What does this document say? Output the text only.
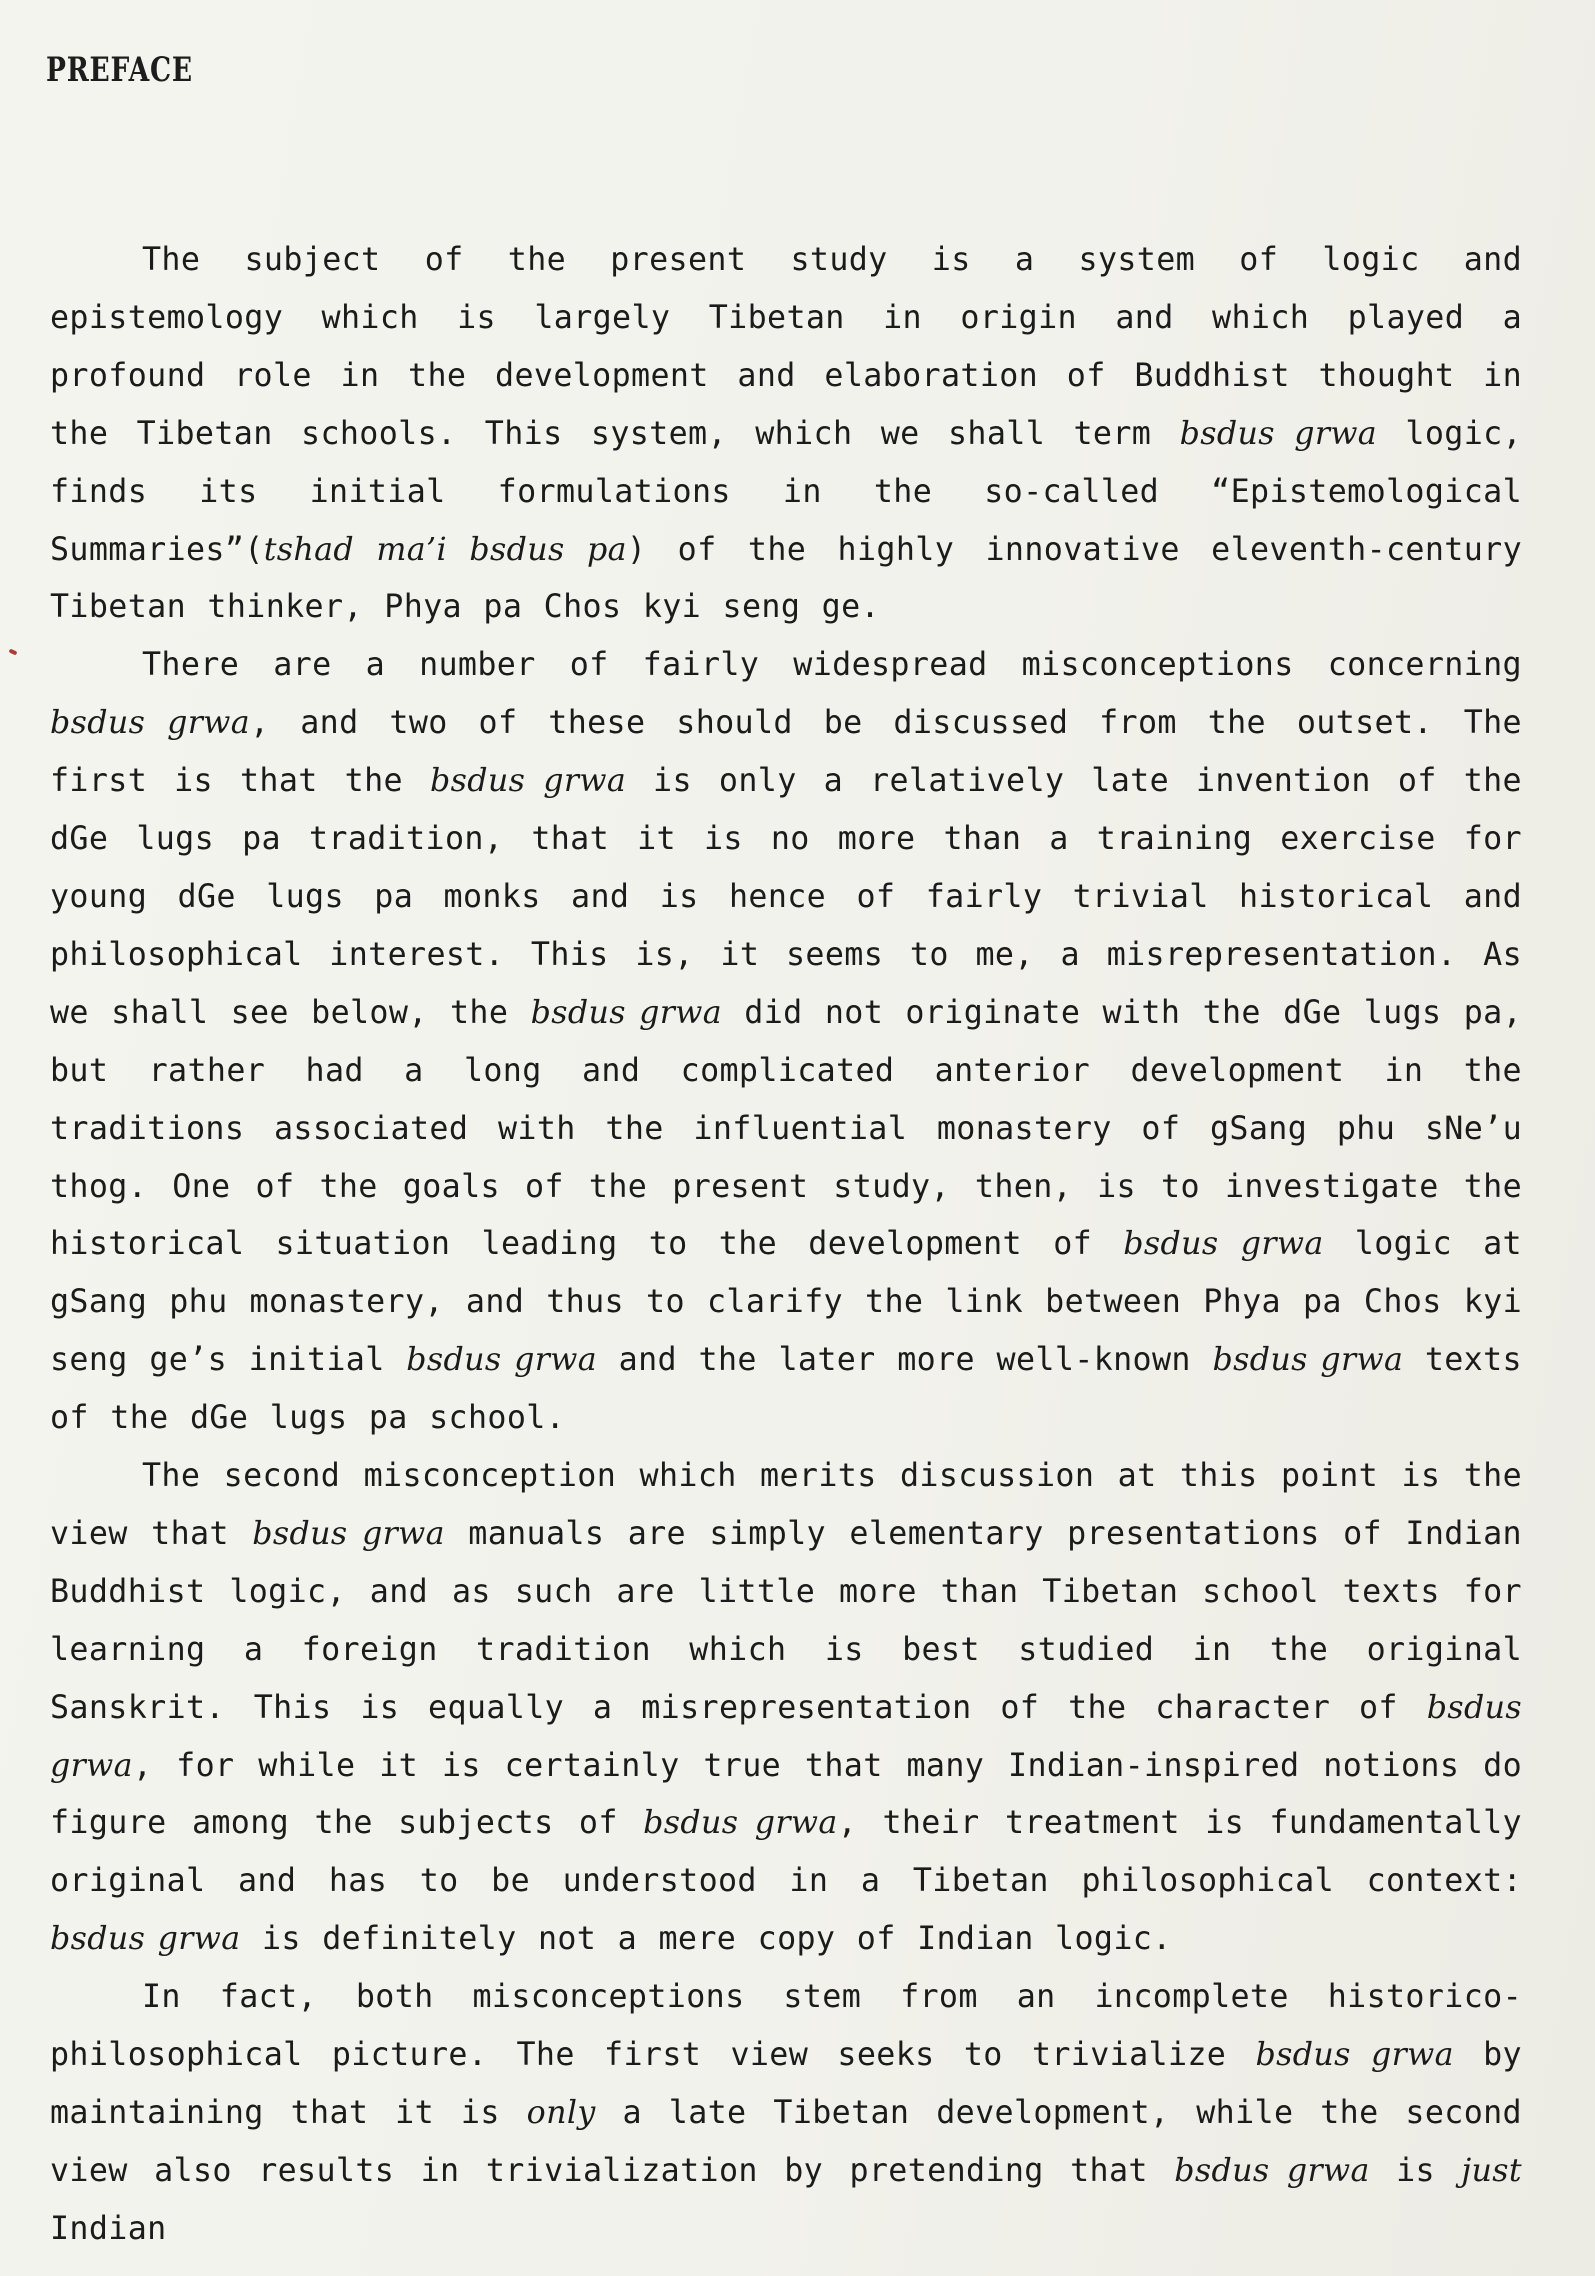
PREFACE

The subject of the present study is a system of logic and epistemology which is largely Tibetan in origin and which played a profound role in the development and elaboration of Buddhist thought in the Tibetan schools. This system, which we shall term bsdus grwa logic, finds its initial formulations in the so-called “Epistemological Summaries”(tshad ma’i bsdus pa) of the highly innovative eleventh-century Tibetan thinker, Phya pa Chos kyi seng ge.

There are a number of fairly widespread misconceptions concerning bsdus grwa, and two of these should be discussed from the outset. The first is that the bsdus grwa is only a relatively late invention of the dGe lugs pa tradition, that it is no more than a training exercise for young dGe lugs pa monks and is hence of fairly trivial historical and philosophical interest. This is, it seems to me, a misrepresentation. As we shall see below, the bsdus grwa did not originate with the dGe lugs pa, but rather had a long and complicated anterior development in the traditions associated with the influential monastery of gSang phu sNe’u thog. One of the goals of the present study, then, is to investigate the historical situation leading to the development of bsdus grwa logic at gSang phu monastery, and thus to clarify the link between Phya pa Chos kyi seng ge’s initial bsdus grwa and the later more well-known bsdus grwa texts of the dGe lugs pa school.

The second misconception which merits discussion at this point is the view that bsdus grwa manuals are simply elementary presentations of Indian Buddhist logic, and as such are little more than Tibetan school texts for learning a foreign tradition which is best studied in the original Sanskrit. This is equally a misrepresentation of the character of bsdus grwa, for while it is certainly true that many Indian-inspired notions do figure among the subjects of bsdus grwa, their treatment is fundamentally original and has to be understood in a Tibetan philosophical context: bsdus grwa is definitely not a mere copy of Indian logic.

In fact, both misconceptions stem from an incomplete historico-philosophical picture. The first view seeks to trivialize bsdus grwa by maintaining that it is only a late Tibetan development, while the second view also results in trivialization by pretending that bsdus grwa is just Indian
